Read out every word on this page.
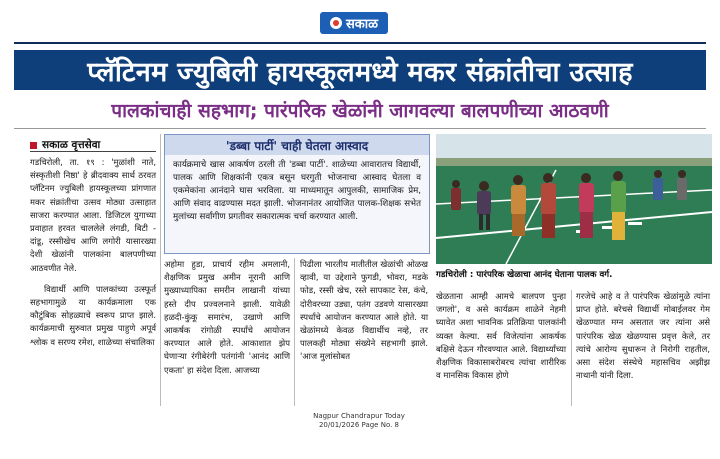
सकाळ
प्लॅटिनम ज्युबिली हायस्कूलमध्ये मकर संक्रांतीचा उत्साह
पालकांचाही सहभाग; पारंपरिक खेळांनी जागवल्या बालपणीच्या आठवणी
सकाळ वृत्तसेवा
गडचिरोली, ता. १९ : 'मुळांशी नाते, संस्कृतीशी निष्ठा' हे ब्रीदवाक्य सार्थ ठरवत प्लॅटिनम ज्युबिली हायस्कूलच्या प्रांगणात मकर संक्रांतीचा उत्सव मोठ्या उत्साहात साजरा करण्यात आला. डिजिटल युगाच्या प्रवाहात हरवत चाललेले लंगडी, बिटी - दांडू, रस्सीखेच आणि लगोरी यासारख्या देशी खेळांनी पालकांना बालपणीच्या आठवणीत नेले.
विद्यार्थी आणि पालकांच्या उत्स्फूर्त सहभागामुळे या कार्यक्रमाला एक कौटुंबिक सोहळ्याचे स्वरूप प्राप्त झाले. कार्यक्रमाची सुरुवात प्रमुख पाहुणे अपूर्व श्लोक व सरण्य रमेश, शाळेच्या संचालिका
'डब्बा पार्टी' चाही घेतला आस्वाद
कार्यक्रमाचे खास आकर्षण ठरली ती 'डब्बा पार्टी'. शाळेच्या आवारातच विद्यार्थी, पालक आणि शिक्षकांनी एकत्र बसून घरगुती भोजनाचा आस्वाद घेतला व एकमेकांना आनंदाने घास भरविला. या माध्यमातून आपुलकी, सामाजिक प्रेम, आणि संवाद वाढण्यास मदत झाली. भोजनानंतर आयोजित पालक-शिक्षक सभेत मुलांच्या सर्वांगीण प्रगतीवर सकारात्मक चर्चा करण्यात आली.
अहोमा हुडा, प्राचार्य रहीम अमलानी, शैक्षणिक प्रमुख अमीन नूरानी आणि मुख्याध्यापिका समरीन लाखानी यांच्या हस्ते दीप प्रज्वलनाने झाली. यावेळी हळदी-कुंकू समारंभ, उखाणे आणि आकर्षक रांगोळी स्पर्धांचे आयोजन करण्यात आले होते. आकाशात झेप घेणाऱ्या रंगीबेरंगी पतंगांनी 'आनंद आणि एकता' हा संदेश दिला. आजच्या
पिढीला भारतीय मातीतील खेळांची ओळख व्हावी, या उद्देशाने फुगडी, भोवरा, मडके फोड, रस्सी खेच, रस्ते सापकाट रेस, कंचे, दोरीवरच्या उड्या, पतंग उडवणे यासारख्या स्पर्धांचे आयोजन करण्यात आले होते. या खेळांमध्ये केवळ विद्यार्थीच नव्हे, तर पालकही मोठ्या संख्येने सहभागी झाले. 'आज मुलांसोबत
गडचिरोली : पारंपरिक खेळाचा आनंद घेताना पालक वर्ग.
खेळताना आम्ही आमचे बालपण पुन्हा जगलो', व असे कार्यक्रम शाळेने नेहमी घ्यावेत अशा भावनिक प्रतिक्रिया पालकांनी व्यक्त केल्या. सर्व विजेत्यांना आकर्षक बक्षिसे देऊन गौरवण्यात आले. विद्यार्थ्यांच्या शैक्षणिक विकासाबरोबरच त्यांचा शारीरिक व मानसिक विकास होणे
गरजेचे आहे व ते पारंपरिक खेळांमुळे त्यांना प्राप्त होते. बरेचसे विद्यार्थी मोबाईलवर गेम खेळण्यात मग्न असतात जर त्यांना असे पारंपरिक खेळ खेळण्यास प्रवृत्त केले, तर त्यांचे आरोग्य सुधारून ते निरोगी राहतील, असा संदेश संस्थेचे महासचिव अझीझ नाथानी यांनी दिला.
Nagpur Chandrapur Today
20/01/2026 Page No. 8
